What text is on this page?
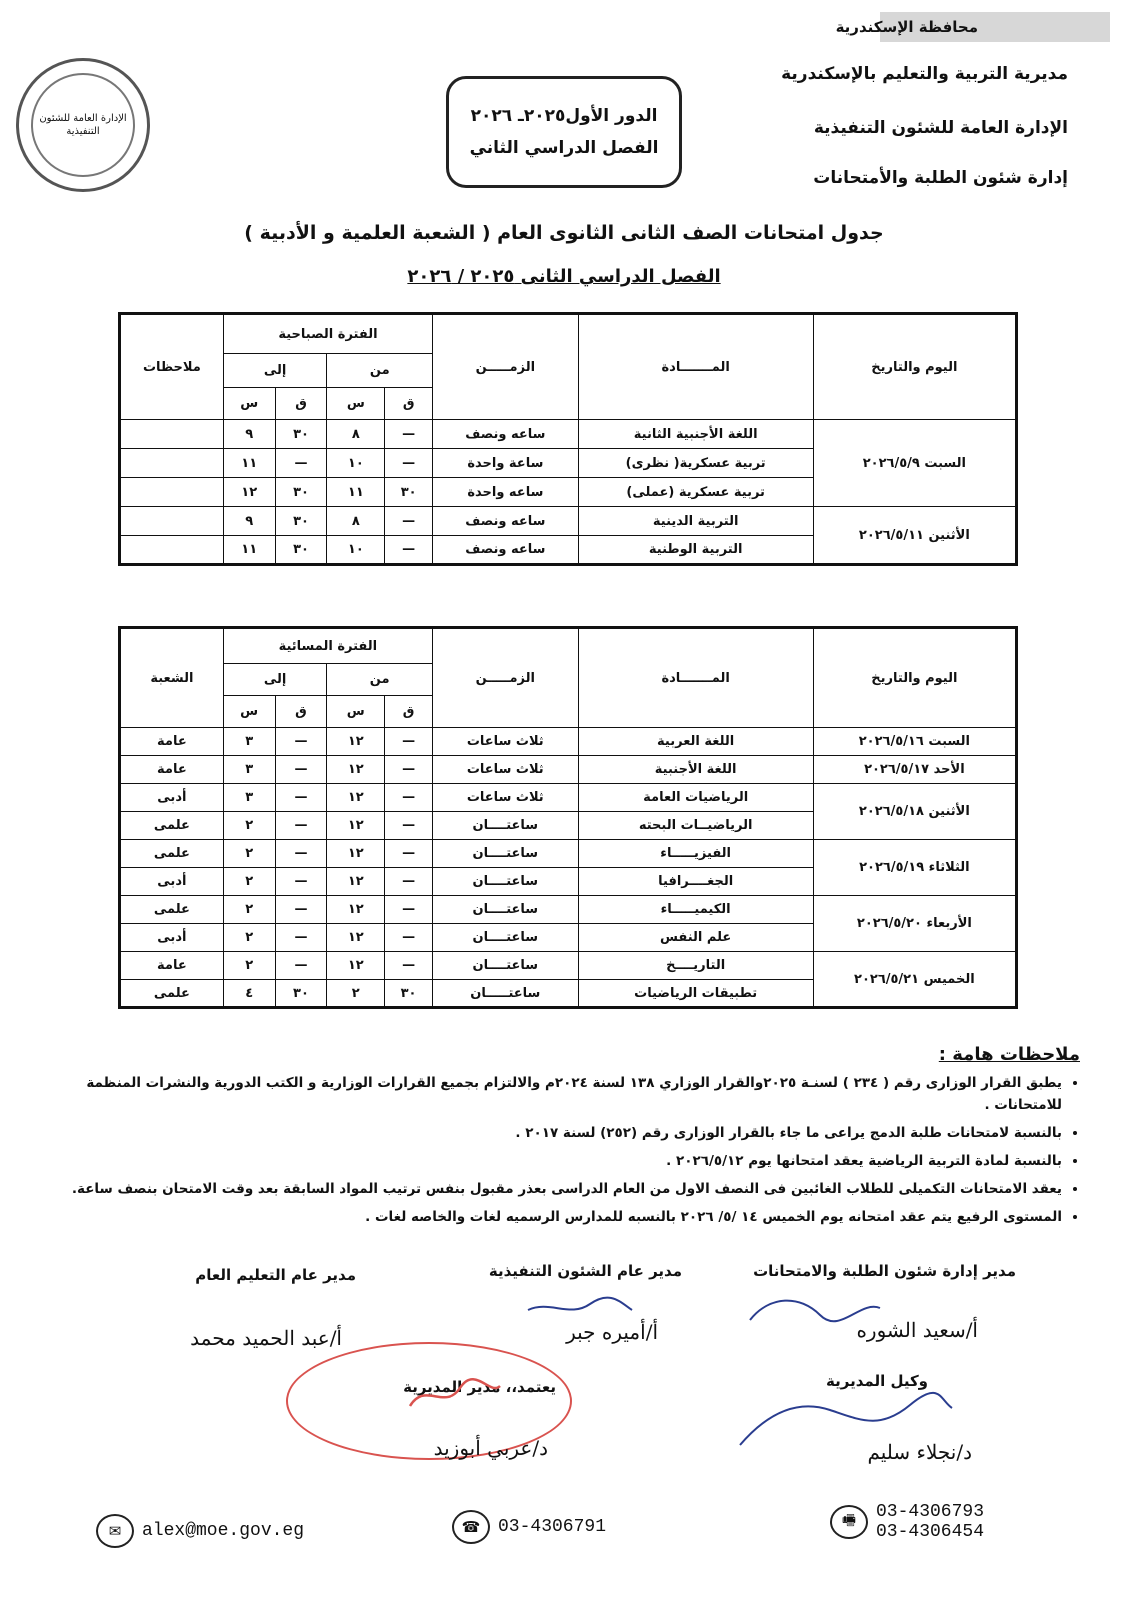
محافظة الإسكندرية
مديرية التربية والتعليم بالإسكندرية
الإدارة العامة للشئون التنفيذية
إدارة شئون الطلبة والأمتحانات
الإدارة العامة للشئون التنفيذية
الدور الأول٢٠٢٥ـ ٢٠٢٦
الفصل الدراسي الثاني
جدول امتحانات الصف الثانى الثانوى العام ( الشعبة العلمية و الأدبية )
الفصل الدراسي الثانى ٢٠٢٥ / ٢٠٢٦
اليوم والتاريخ	المـــــــادة	الزمـــــن	الفترة الصباحية				ملاحظات
			من		إلى		
			ق	س	ق	س	
السبت ٢٠٢٦/٥/٩	اللغة الأجنبية الثانية	ساعه ونصف	—	٨	٣٠	٩	
	تربية عسكرية( نظرى)	ساعة واحدة	—	١٠	—	١١	
	تربية عسكرية (عملى)	ساعه واحدة	٣٠	١١	٣٠	١٢	
الأثنين ٢٠٢٦/٥/١١	التربية الدينية	ساعه ونصف	—	٨	٣٠	٩	
	التربية الوطنية	ساعه ونصف	—	١٠	٣٠	١١	
اليوم والتاريخ	المـــــــادة	الزمـــــن	الفترة المسائية				الشعبة
			من		إلى		
			ق	س	ق	س	
السبت ٢٠٢٦/٥/١٦	اللغة العربية	ثلاث ساعات	—	١٢	—	٣	عامة
الأحد ٢٠٢٦/٥/١٧	اللغة الأجنبية	ثلاث ساعات	—	١٢	—	٣	عامة
الأثنين ٢٠٢٦/٥/١٨	الرياضيات العامة	ثلاث ساعات	—	١٢	—	٣	أدبى
	الرياضيــات البحته	ساعتــــان	—	١٢	—	٢	علمى
الثلاثاء ٢٠٢٦/٥/١٩	الفيزيـــــاء	ساعتــــان	—	١٢	—	٢	علمى
	الجغــــرافيا	ساعتــــان	—	١٢	—	٢	أدبى
الأربعاء ٢٠٢٦/٥/٢٠	الكيميـــــاء	ساعتــــان	—	١٢	—	٢	علمى
	علم النفس	ساعتــــان	—	١٢	—	٢	أدبى
الخميس ٢٠٢٦/٥/٢١	التاريــــخ	ساعتــــان	—	١٢	—	٢	عامة
	تطبيقات الرياضيات	ساعتـــــان	٣٠	٢	٣٠	٤	علمى
ملاحظات هامة :
• يطبق القرار الوزارى رقم ( ٢٣٤ ) لسنـة ٢٠٢٥والقرار الوزاري ١٣٨ لسنة ٢٠٢٤م والالتزام بجميع القرارات الوزارية و الكتب الدورية والنشرات المنظمة للامتحانات .
• بالنسبة لامتحانات طلبة الدمج يراعى ما جاء بالقرار الوزارى رقم (٢٥٢) لسنة ٢٠١٧ .
• بالنسبة لمادة التربية الرياضية يعقد امتحانها يوم ٢٠٢٦/٥/١٢ .
• يعقد الامتحانات التكميلى للطلاب الغائبين فى النصف الاول من العام الدراسى بعذر مقبول بنفس ترتيب المواد السابقة بعد وقت الامتحان بنصف ساعة.
• المستوى الرفيع يتم عقد امتحانه يوم الخميس ١٤ /٥/ ٢٠٢٦ بالنسبه للمدارس الرسميه لغات والخاصه لغات .
مدير إدارة شئون الطلبة والامتحانات
أ/سعيد الشوره
مدير عام الشئون التنفيذية
أ/أميره جبر
مدير عام التعليم العام
أ/عبد الحميد محمد
وكيل المديرية
د/نجلاء سليم
يعتمد،، مدير المديرية
د/عربي أبوزيد
✉	alex@moe.gov.eg	☎ 03-4306791	🖷	03-4306793
03-4306454
